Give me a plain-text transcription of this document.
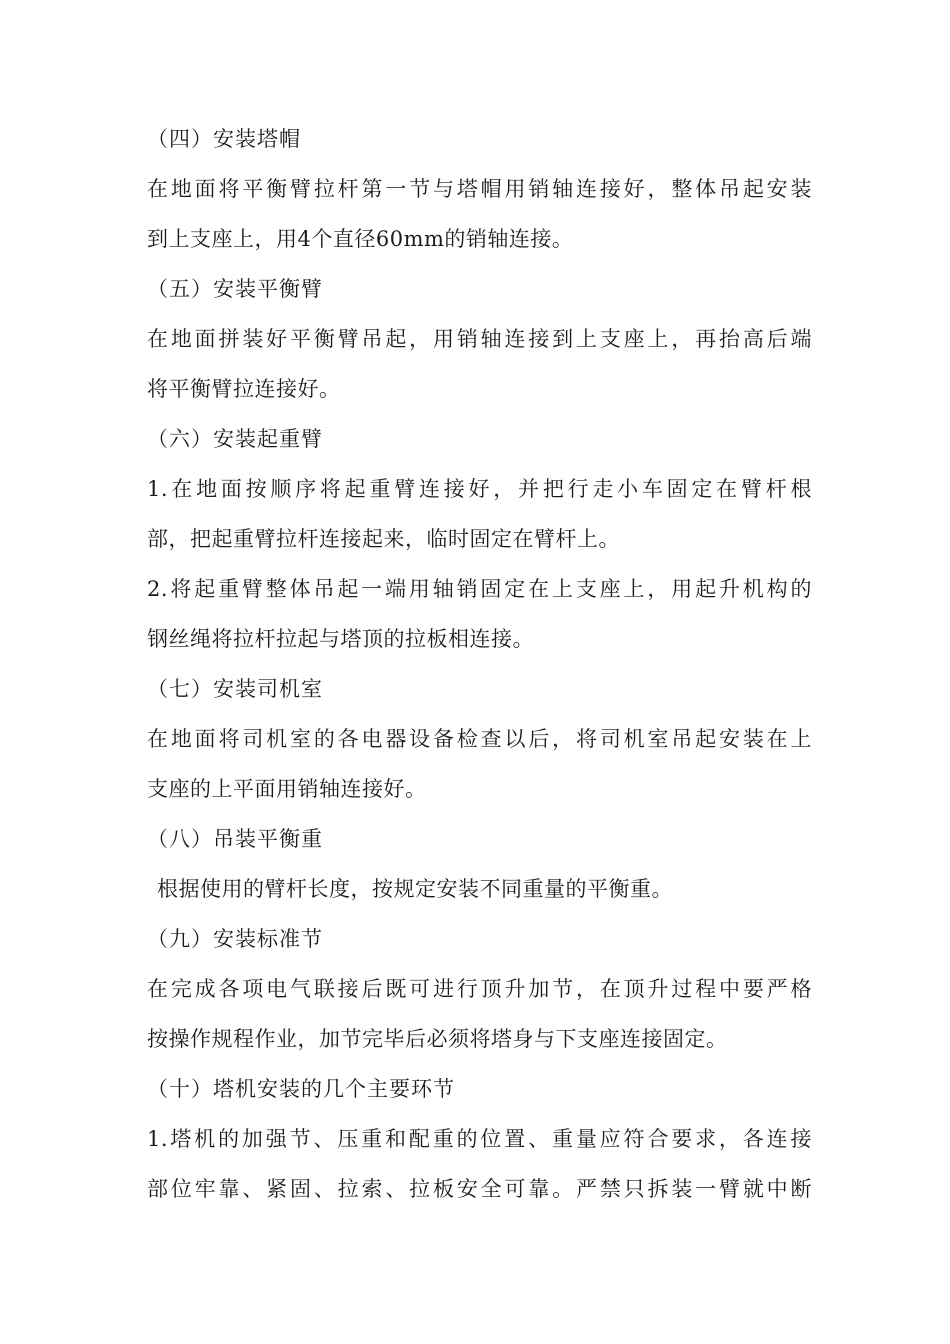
（四）安装塔帽
在地面将平衡臂拉杆第一节与塔帽用销轴连接好，整体吊起安装
到上支座上，用4个直径60mm的销轴连接。
（五）安装平衡臂
在地面拼装好平衡臂吊起，用销轴连接到上支座上，再抬高后端
将平衡臂拉连接好。
（六）安装起重臂
1.在地面按顺序将起重臂连接好，并把行走小车固定在臂杆根
部，把起重臂拉杆连接起来，临时固定在臂杆上。
2.将起重臂整体吊起一端用轴销固定在上支座上，用起升机构的
钢丝绳将拉杆拉起与塔顶的拉板相连接。
（七）安装司机室
在地面将司机室的各电器设备检查以后，将司机室吊起安装在上
支座的上平面用销轴连接好。
（八）吊装平衡重
根据使用的臂杆长度，按规定安装不同重量的平衡重。
（九）安装标准节
在完成各项电气联接后既可进行顶升加节，在顶升过程中要严格
按操作规程作业，加节完毕后必须将塔身与下支座连接固定。
（十）塔机安装的几个主要环节
1.塔机的加强节、压重和配重的位置、重量应符合要求，各连接
部位牢靠、紧固、拉索、拉板安全可靠。严禁只拆装一臂就中断
